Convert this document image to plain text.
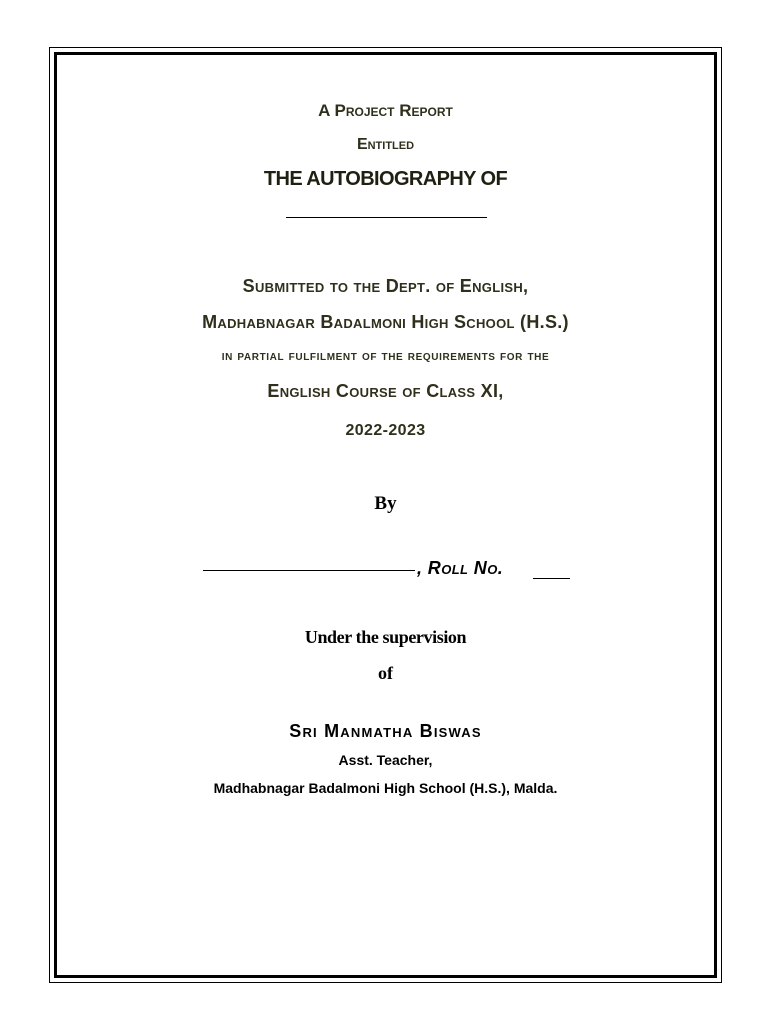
A Project Report
Entitled
THE AUTOBIOGRAPHY OF
Submitted to the Dept. of English,
Madhabnagar Badalmoni High School (H.S.)
in partial fulfilment of the requirements for the
English Course of Class XI,
2022-2023
By
, Roll No.
Under the supervision
of
Sri Manmatha Biswas
Asst. Teacher,
Madhabnagar Badalmoni High School (H.S.), Malda.
